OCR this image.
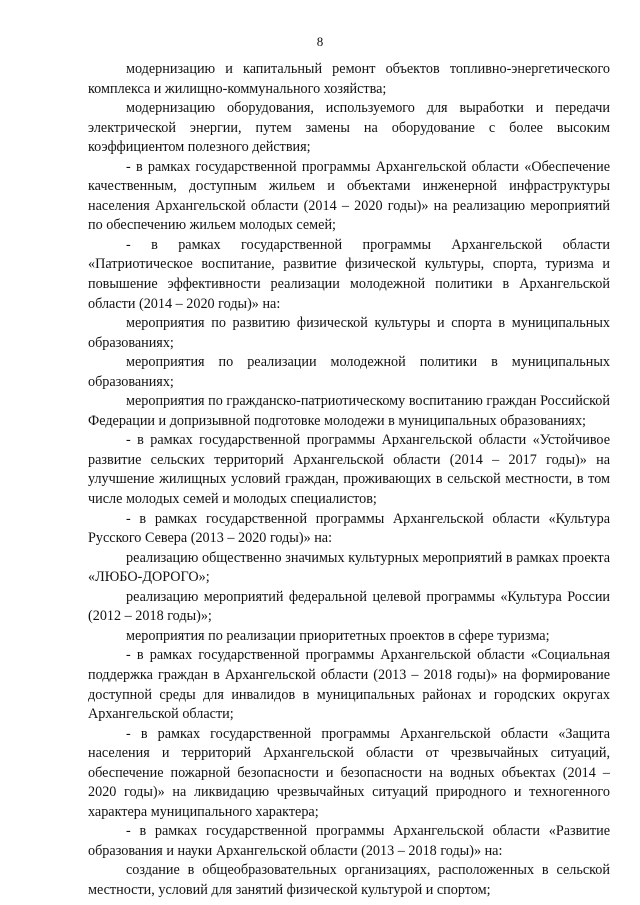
8

модернизацию и капитальный ремонт объектов топливно-энергетического комплекса и жилищно-коммунального хозяйства;

модернизацию оборудования, используемого для выработки и передачи электрической энергии, путем замены на оборудование с более высоким коэффициентом полезного действия;

- в рамках государственной программы Архангельской области «Обеспечение качественным, доступным жильем и объектами инженерной инфраструктуры населения Архангельской области (2014 – 2020 годы)» на реализацию мероприятий по обеспечению жильем молодых семей;

- в рамках государственной программы Архангельской области «Патриотическое воспитание, развитие физической культуры, спорта, туризма и повышение эффективности реализации молодежной политики в Архангельской области (2014 – 2020 годы)» на:

мероприятия по развитию физической культуры и спорта в муниципальных образованиях;

мероприятия по реализации молодежной политики в муниципальных образованиях;

мероприятия по гражданско-патриотическому воспитанию граждан Российской Федерации и допризывной подготовке молодежи в муниципальных образованиях;

- в рамках государственной программы Архангельской области «Устойчивое развитие сельских территорий Архангельской области (2014 – 2017 годы)» на улучшение жилищных условий граждан, проживающих в сельской местности, в том числе молодых семей и молодых специалистов;

- в рамках государственной программы Архангельской области «Культура Русского Севера (2013 – 2020 годы)» на:

реализацию общественно значимых культурных мероприятий в рамках проекта «ЛЮБО-ДОРОГО»;

реализацию мероприятий федеральной целевой программы «Культура России (2012 – 2018 годы)»;

мероприятия по реализации приоритетных проектов в сфере туризма;

- в рамках государственной программы Архангельской области «Социальная поддержка граждан в Архангельской области (2013 – 2018 годы)» на формирование доступной среды для инвалидов в муниципальных районах и городских округах Архангельской области;

- в рамках государственной программы Архангельской области «Защита населения и территорий Архангельской области от чрезвычайных ситуаций, обеспечение пожарной безопасности и безопасности на водных объектах (2014 – 2020 годы)» на ликвидацию чрезвычайных ситуаций природного и техногенного характера муниципального характера;

- в рамках государственной программы Архангельской области «Развитие образования и науки Архангельской области (2013 – 2018 годы)» на:

создание в общеобразовательных организациях, расположенных в сельской местности, условий для занятий физической культурой и спортом;
